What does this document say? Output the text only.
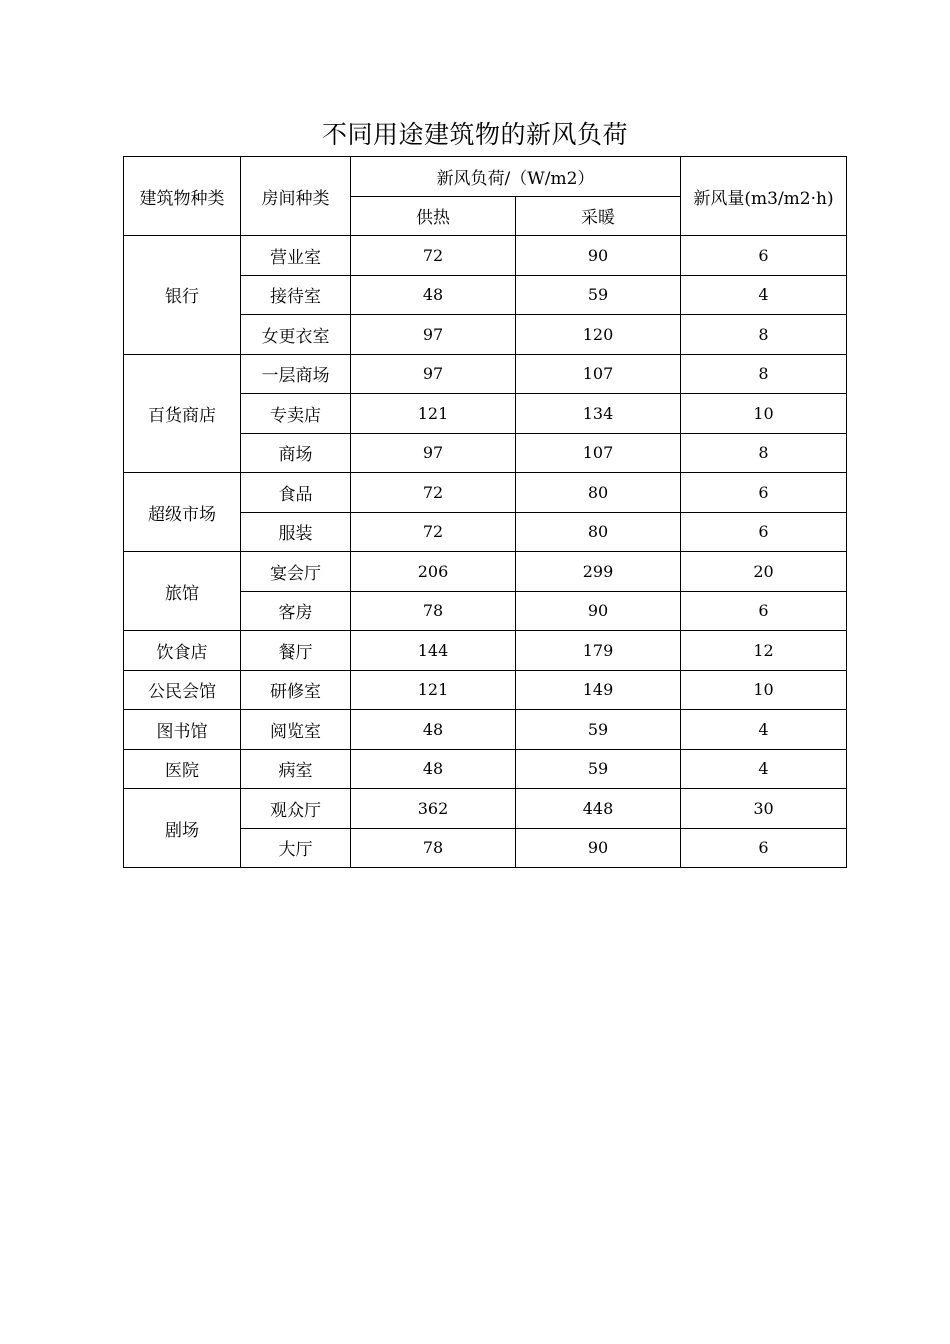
不同用途建筑物的新风负荷
建筑物种类	房间种类	新风负荷/（W/m2）		新风量(m3/m2·h)
		供热	采暖	
银行	营业室	72	90	6
	接待室	48	59	4
	女更衣室	97	120	8
百货商店	一层商场	97	107	8
	专卖店	121	134	10
	商场	97	107	8
超级市场	食品	72	80	6
	服装	72	80	6
旅馆	宴会厅	206	299	20
	客房	78	90	6
饮食店	餐厅	144	179	12
公民会馆	研修室	121	149	10
图书馆	阅览室	48	59	4
医院	病室	48	59	4
剧场	观众厅	362	448	30
	大厅	78	90	6
